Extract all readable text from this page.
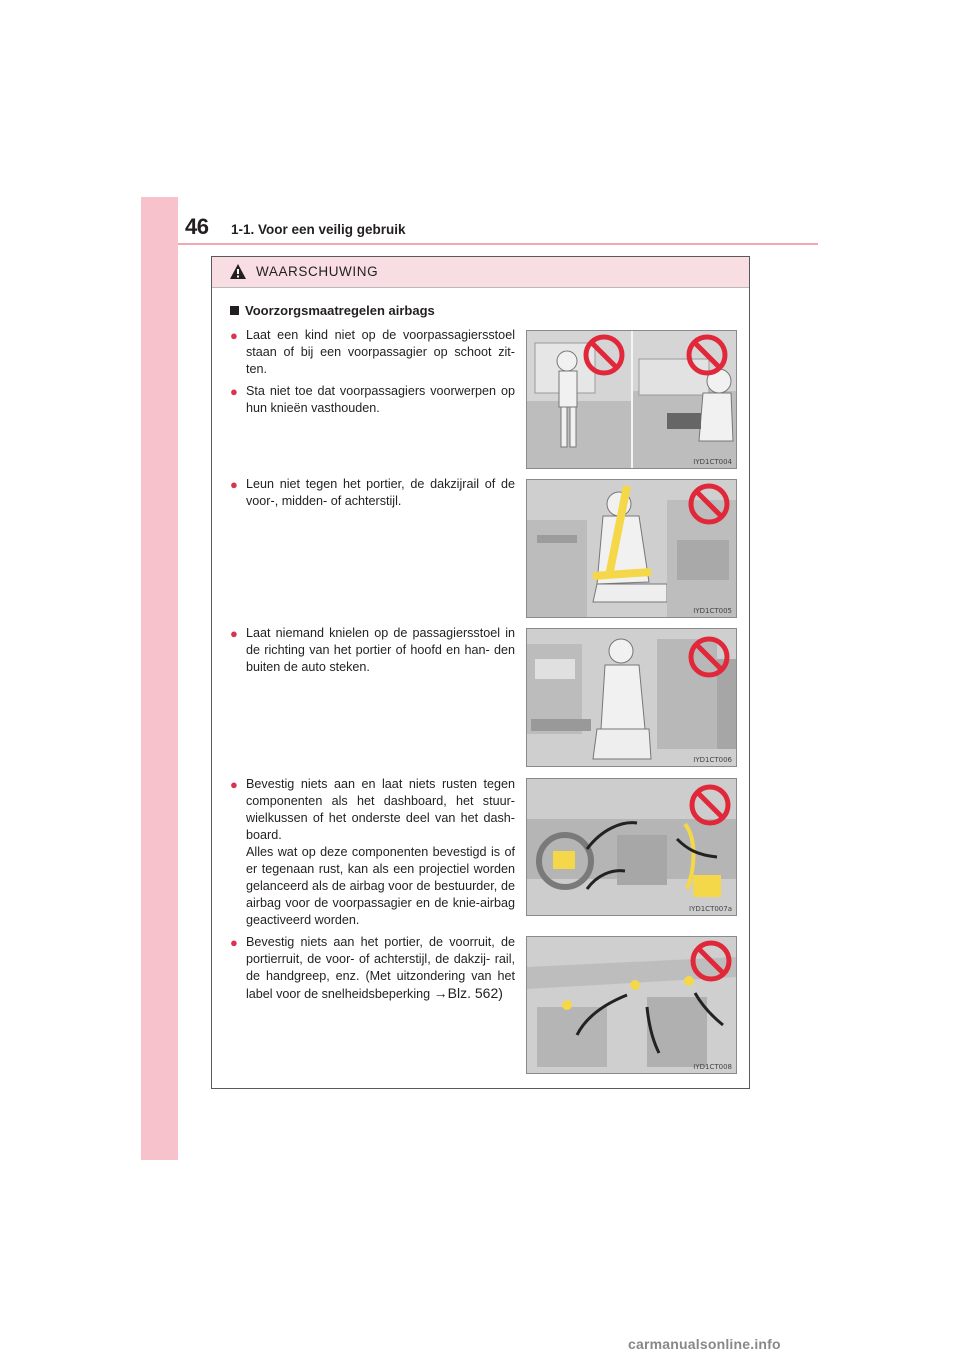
46 1-1. Voor een veilig gebruik
WAARSCHUWING
Voorzorgsmaatregelen airbags
● Laat een kind niet op de voorpassagiersstoel staan of bij een voorpassagier op schoot zit- ten.
● Sta niet toe dat voorpassagiers voorwerpen op hun knieën vasthouden.
● Leun niet tegen het portier, de dakzijrail of de voor-, midden- of achterstijl.
● Laat niemand knielen op de passagiersstoel in de richting van het portier of hoofd en han- den buiten de auto steken.
● Bevestig niets aan en laat niets rusten tegen componenten als het dashboard, het stuur- wielkussen of het onderste deel van het dash- board.
Alles wat op deze componenten bevestigd is of er tegenaan rust, kan als een projectiel worden gelanceerd als de airbag voor de bestuurder, de airbag voor de voorpassagier en de knie-airbag geactiveerd worden.
● Bevestig niets aan het portier, de voorruit, de portierruit, de voor- of achterstijl, de dakzij- rail, de handgreep, enz. (Met uitzondering van het label voor de snelheidsbeperking →Blz. 562)
IYD1CT004
IYD1CT005
IYD1CT006
IYD1CT007a
IYD1CT008
carmanualsonline.info
